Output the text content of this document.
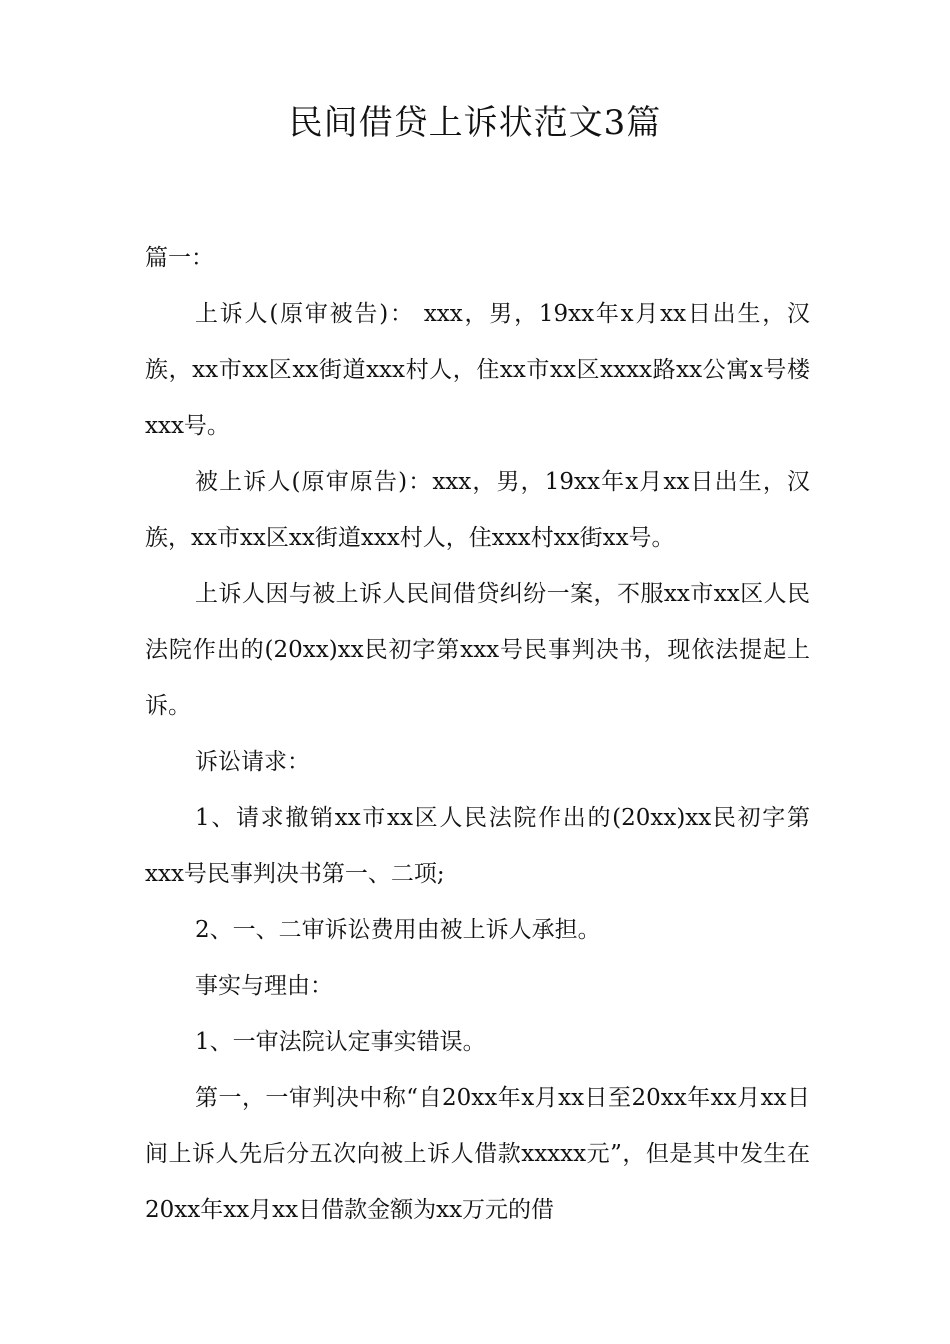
民间借贷上诉状范文3篇

篇一：

上诉人(原审被告)： xxx，男，19xx年x月xx日出生，汉族，xx市xx区xx街道xxx村人，住xx市xx区xxxx路xx公寓x号楼xxx号。

被上诉人(原审原告)：xxx，男，19xx年x月xx日出生，汉族，xx市xx区xx街道xxx村人，住xxx村xx街xx号。

上诉人因与被上诉人民间借贷纠纷一案，不服xx市xx区人民法院作出的(20xx)xx民初字第xxx号民事判决书，现依法提起上诉。

诉讼请求：

1、请求撤销xx市xx区人民法院作出的(20xx)xx民初字第xxx号民事判决书第一、二项;

2、一、二审诉讼费用由被上诉人承担。

事实与理由：

1、一审法院认定事实错误。

第一，一审判决中称“自20xx年x月xx日至20xx年xx月xx日间上诉人先后分五次向被上诉人借款xxxxx元”，但是其中发生在20xx年xx月xx日借款金额为xx万元的借
